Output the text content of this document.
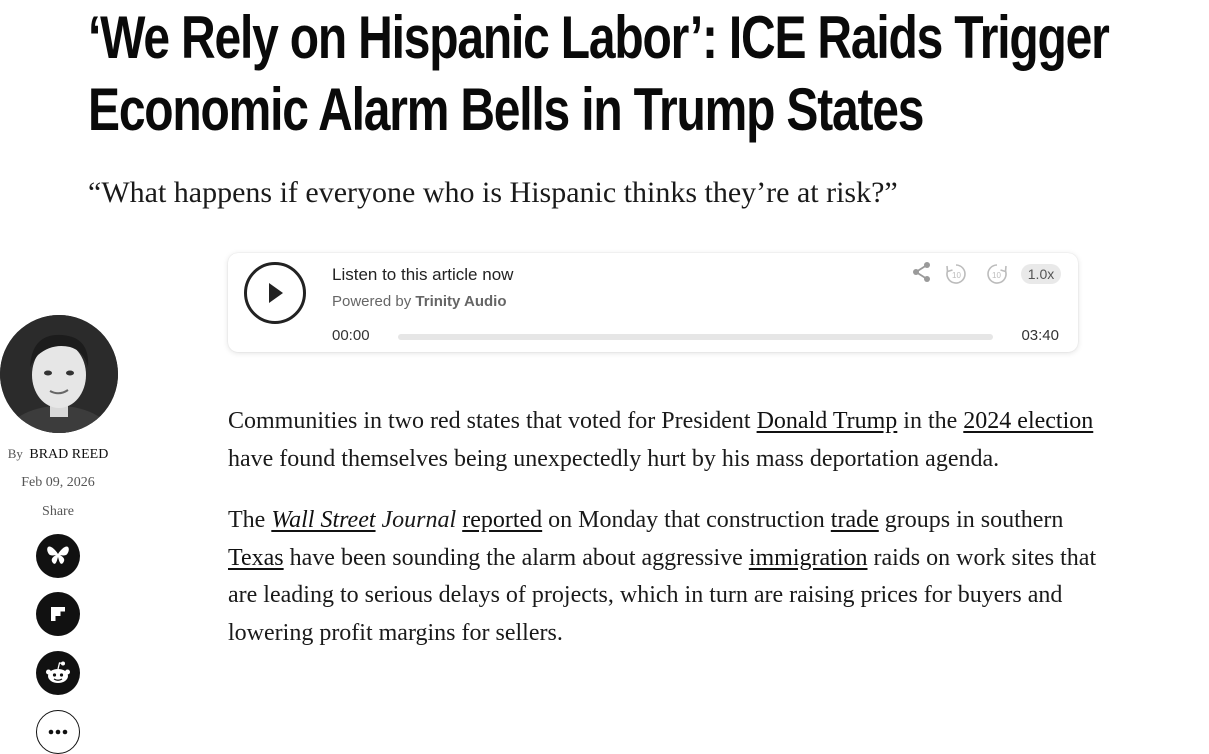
‘We Rely on Hispanic Labor’: ICE Raids Trigger
Economic Alarm Bells in Trump States
“What happens if everyone who is Hispanic thinks they’re at risk?”
By BRAD REED
Feb 09, 2026
Share
Listen to this article now
Powered by Trinity Audio
10	10	1.0x
00:00	03:40

Communities in two red states that voted for President Donald Trump in the 2024 election have found themselves being unexpectedly hurt by his mass deportation agenda.

The Wall Street Journal reported on Monday that construction trade groups in southern Texas have been sounding the alarm about aggressive immigration raids on work sites that are leading to serious delays of projects, which in turn are raising prices for buyers and lowering profit margins for sellers.
